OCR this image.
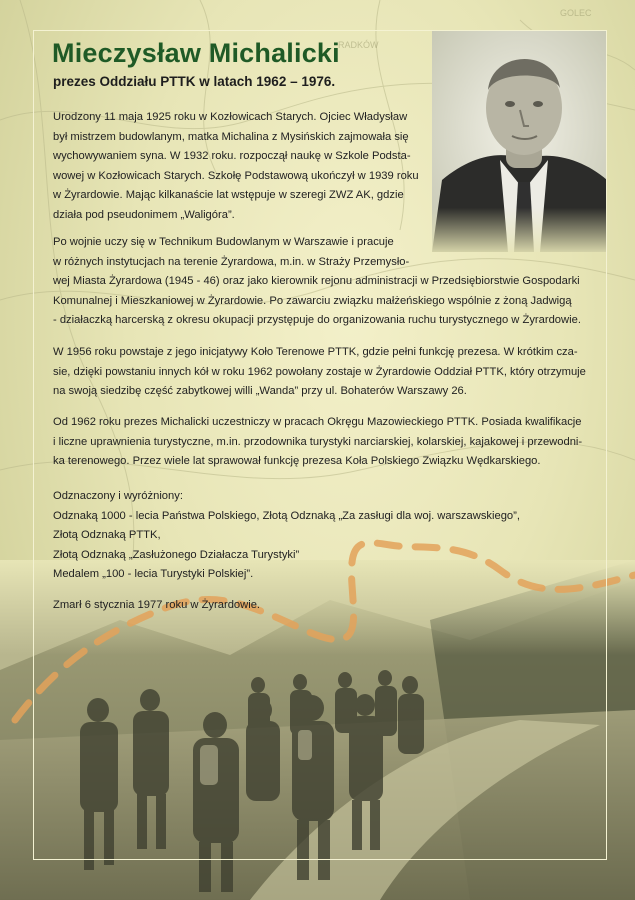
RADKÓW
GOLEC
Mieczysław Michalicki
prezes Oddziału PTTK w latach 1962 – 1976.
Urodzony 11 maja 1925 roku w Kozłowicach Starych. Ojciec Władysław
był mistrzem budowlanym, matka Michalina z Mysińskich zajmowała się
wychowywaniem syna. W 1932 roku. rozpoczął naukę w Szkole Podsta-
wowej w Kozłowicach Starych. Szkołę Podstawową ukończył w 1939 roku
w Żyrardowie. Mając kilkanaście lat wstępuje w szeregi ZWZ AK, gdzie
działa pod pseudonimem „Waligóra”.
Po wojnie uczy się w Technikum Budowlanym w Warszawie i pracuje
w różnych instytucjach na terenie Żyrardowa, m.in. w Straży Przemysło-
wej Miasta Żyrardowa (1945 - 46) oraz jako kierownik rejonu administracji w Przedsiębiorstwie Gospodarki
Komunalnej i Mieszkaniowej w Żyrardowie. Po zawarciu związku małżeńskiego wspólnie z żoną Jadwigą
- działaczką harcerską z okresu okupacji przystępuje do organizowania ruchu turystycznego w Żyrardowie.
W 1956 roku powstaje z jego inicjatywy Koło Terenowe PTTK, gdzie pełni funkcję prezesa. W krótkim cza-
sie, dzięki powstaniu innych kół w roku 1962 powołany zostaje w Żyrardowie Oddział PTTK, który otrzymuje
na swoją siedzibę część zabytkowej willi „Wanda” przy ul. Bohaterów Warszawy 26.
Od 1962 roku prezes Michalicki uczestniczy w pracach Okręgu Mazowieckiego PTTK. Posiada kwalifikacje
i liczne uprawnienia turystyczne, m.in. przodownika turystyki narciarskiej, kolarskiej, kajakowej i przewodni-
ka terenowego. Przez wiele lat sprawował funkcję prezesa Koła Polskiego Związku Wędkarskiego.
Odznaczony i wyróżniony:
Odznaką 1000 - lecia Państwa Polskiego, Złotą Odznaką „Za zasługi dla woj. warszawskiego”,
Złotą Odznaką PTTK,
Złotą Odznaką „Zasłużonego Działacza Turystyki”
Medalem „100 - lecia Turystyki Polskiej”.
Zmarł 6 stycznia 1977 roku w Żyrardowie.
